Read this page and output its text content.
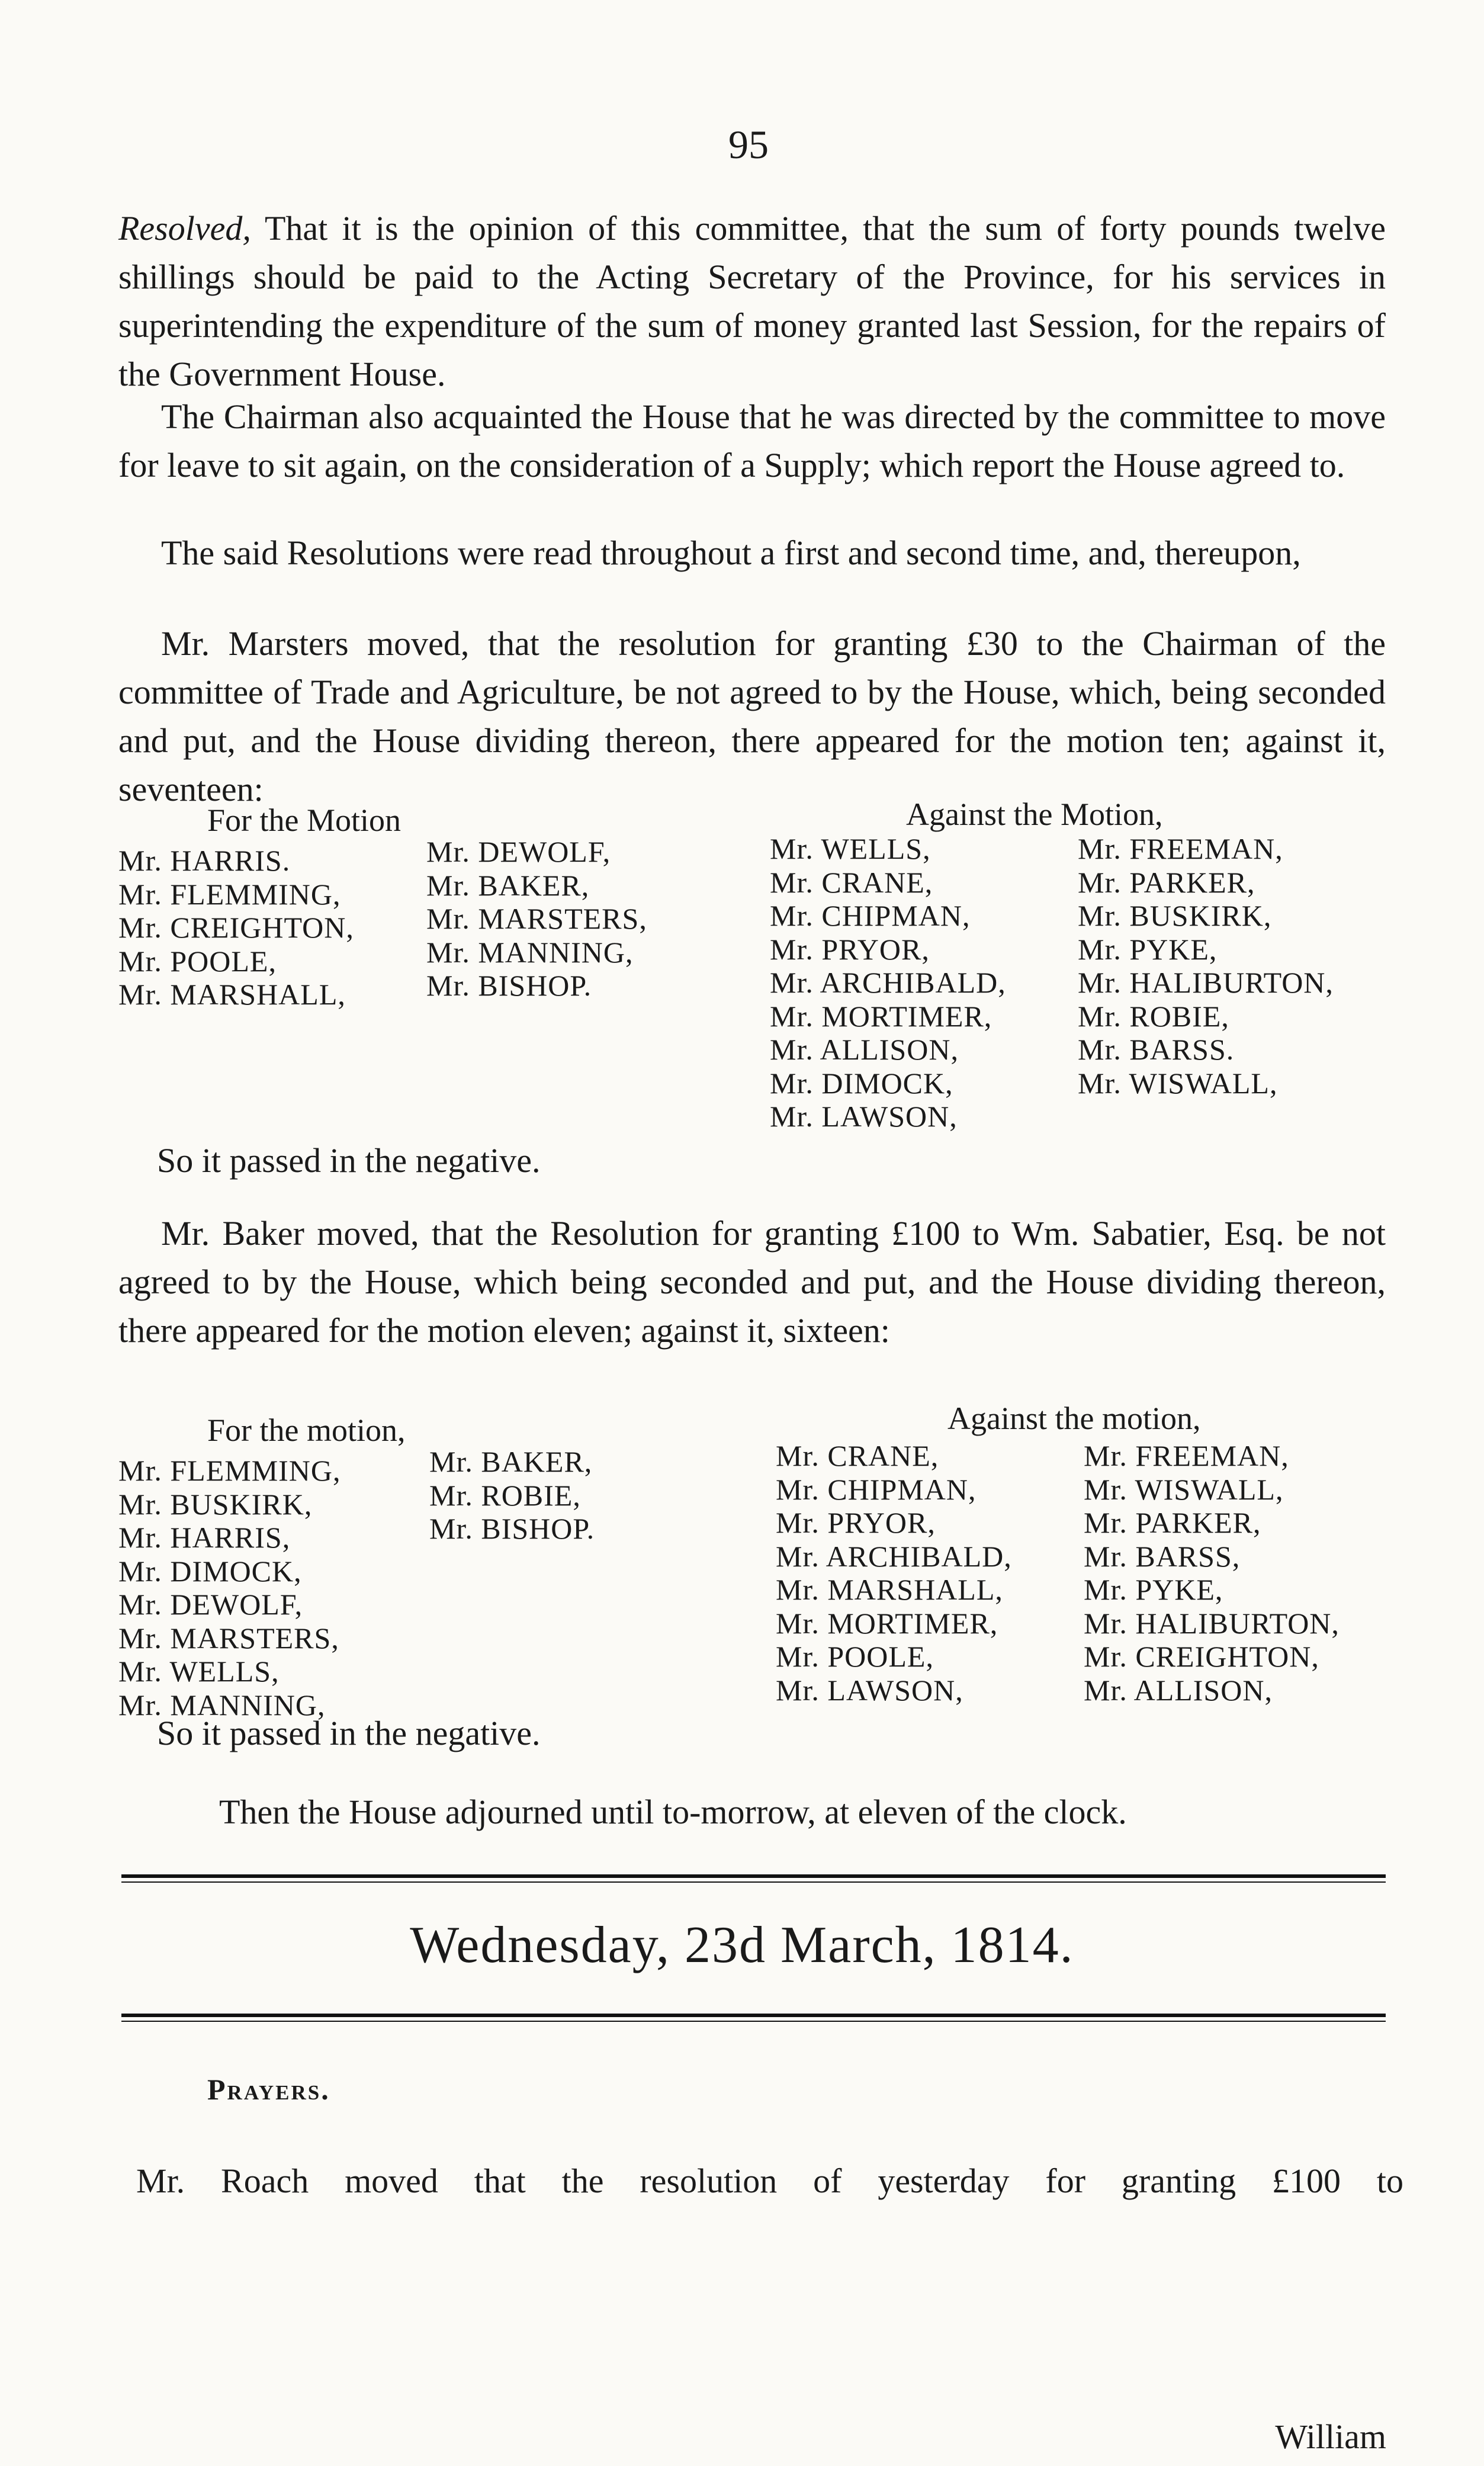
95
Resolved, That it is the opinion of this committee, that the sum of forty pounds twelve shillings should be paid to the Acting Secretary of the Province, for his services in superintending the expenditure of the sum of money granted last Session, for the repairs of the Government House.
The Chairman also acquainted the House that he was directed by the committee to move for leave to sit again, on the consideration of a Supply; which report the House agreed to.
The said Resolutions were read throughout a first and second time, and, thereupon,
Mr. Marsters moved, that the resolution for granting £30 to the Chairman of the committee of Trade and Agriculture, be not agreed to by the House, which, being seconded and put, and the House dividing thereon, there appeared for the motion ten; against it, seventeen:
For the Motion	Against the Motion,
Mr. HARRIS.
Mr. FLEMMING,
Mr. CREIGHTON,
Mr. POOLE,
Mr. MARSHALL,
Mr. DEWOLF,
Mr. BAKER,
Mr. MARSTERS,
Mr. MANNING,
Mr. BISHOP.
Mr. WELLS,
Mr. CRANE,
Mr. CHIPMAN,
Mr. PRYOR,
Mr. ARCHIBALD,
Mr. MORTIMER,
Mr. ALLISON,
Mr. DIMOCK,
Mr. LAWSON,
Mr. FREEMAN,
Mr. PARKER,
Mr. BUSKIRK,
Mr. PYKE,
Mr. HALIBURTON,
Mr. ROBIE,
Mr. BARSS.
Mr. WISWALL,
So it passed in the negative.
Mr. Baker moved, that the Resolution for granting £100 to Wm. Sabatier, Esq. be not agreed to by the House, which being seconded and put, and the House dividing thereon, there appeared for the motion eleven; against it, sixteen:
For the motion,	Against the motion,
Mr. FLEMMING,
Mr. BUSKIRK,
Mr. HARRIS,
Mr. DIMOCK,
Mr. DEWOLF,
Mr. MARSTERS,
Mr. WELLS,
Mr. MANNING,
Mr. BAKER,
Mr. ROBIE,
Mr. BISHOP.
Mr. CRANE,
Mr. CHIPMAN,
Mr. PRYOR,
Mr. ARCHIBALD,
Mr. MARSHALL,
Mr. MORTIMER,
Mr. POOLE,
Mr. LAWSON,
Mr. FREEMAN,
Mr. WISWALL,
Mr. PARKER,
Mr. BARSS,
Mr. PYKE,
Mr. HALIBURTON,
Mr. CREIGHTON,
Mr. ALLISON,
So it passed in the negative.
Then the House adjourned until to-morrow, at eleven of the clock.
Wednesday, 23d March, 1814.
Prayers.
Mr. Roach moved that the resolution of yesterday for granting £100 to
William
